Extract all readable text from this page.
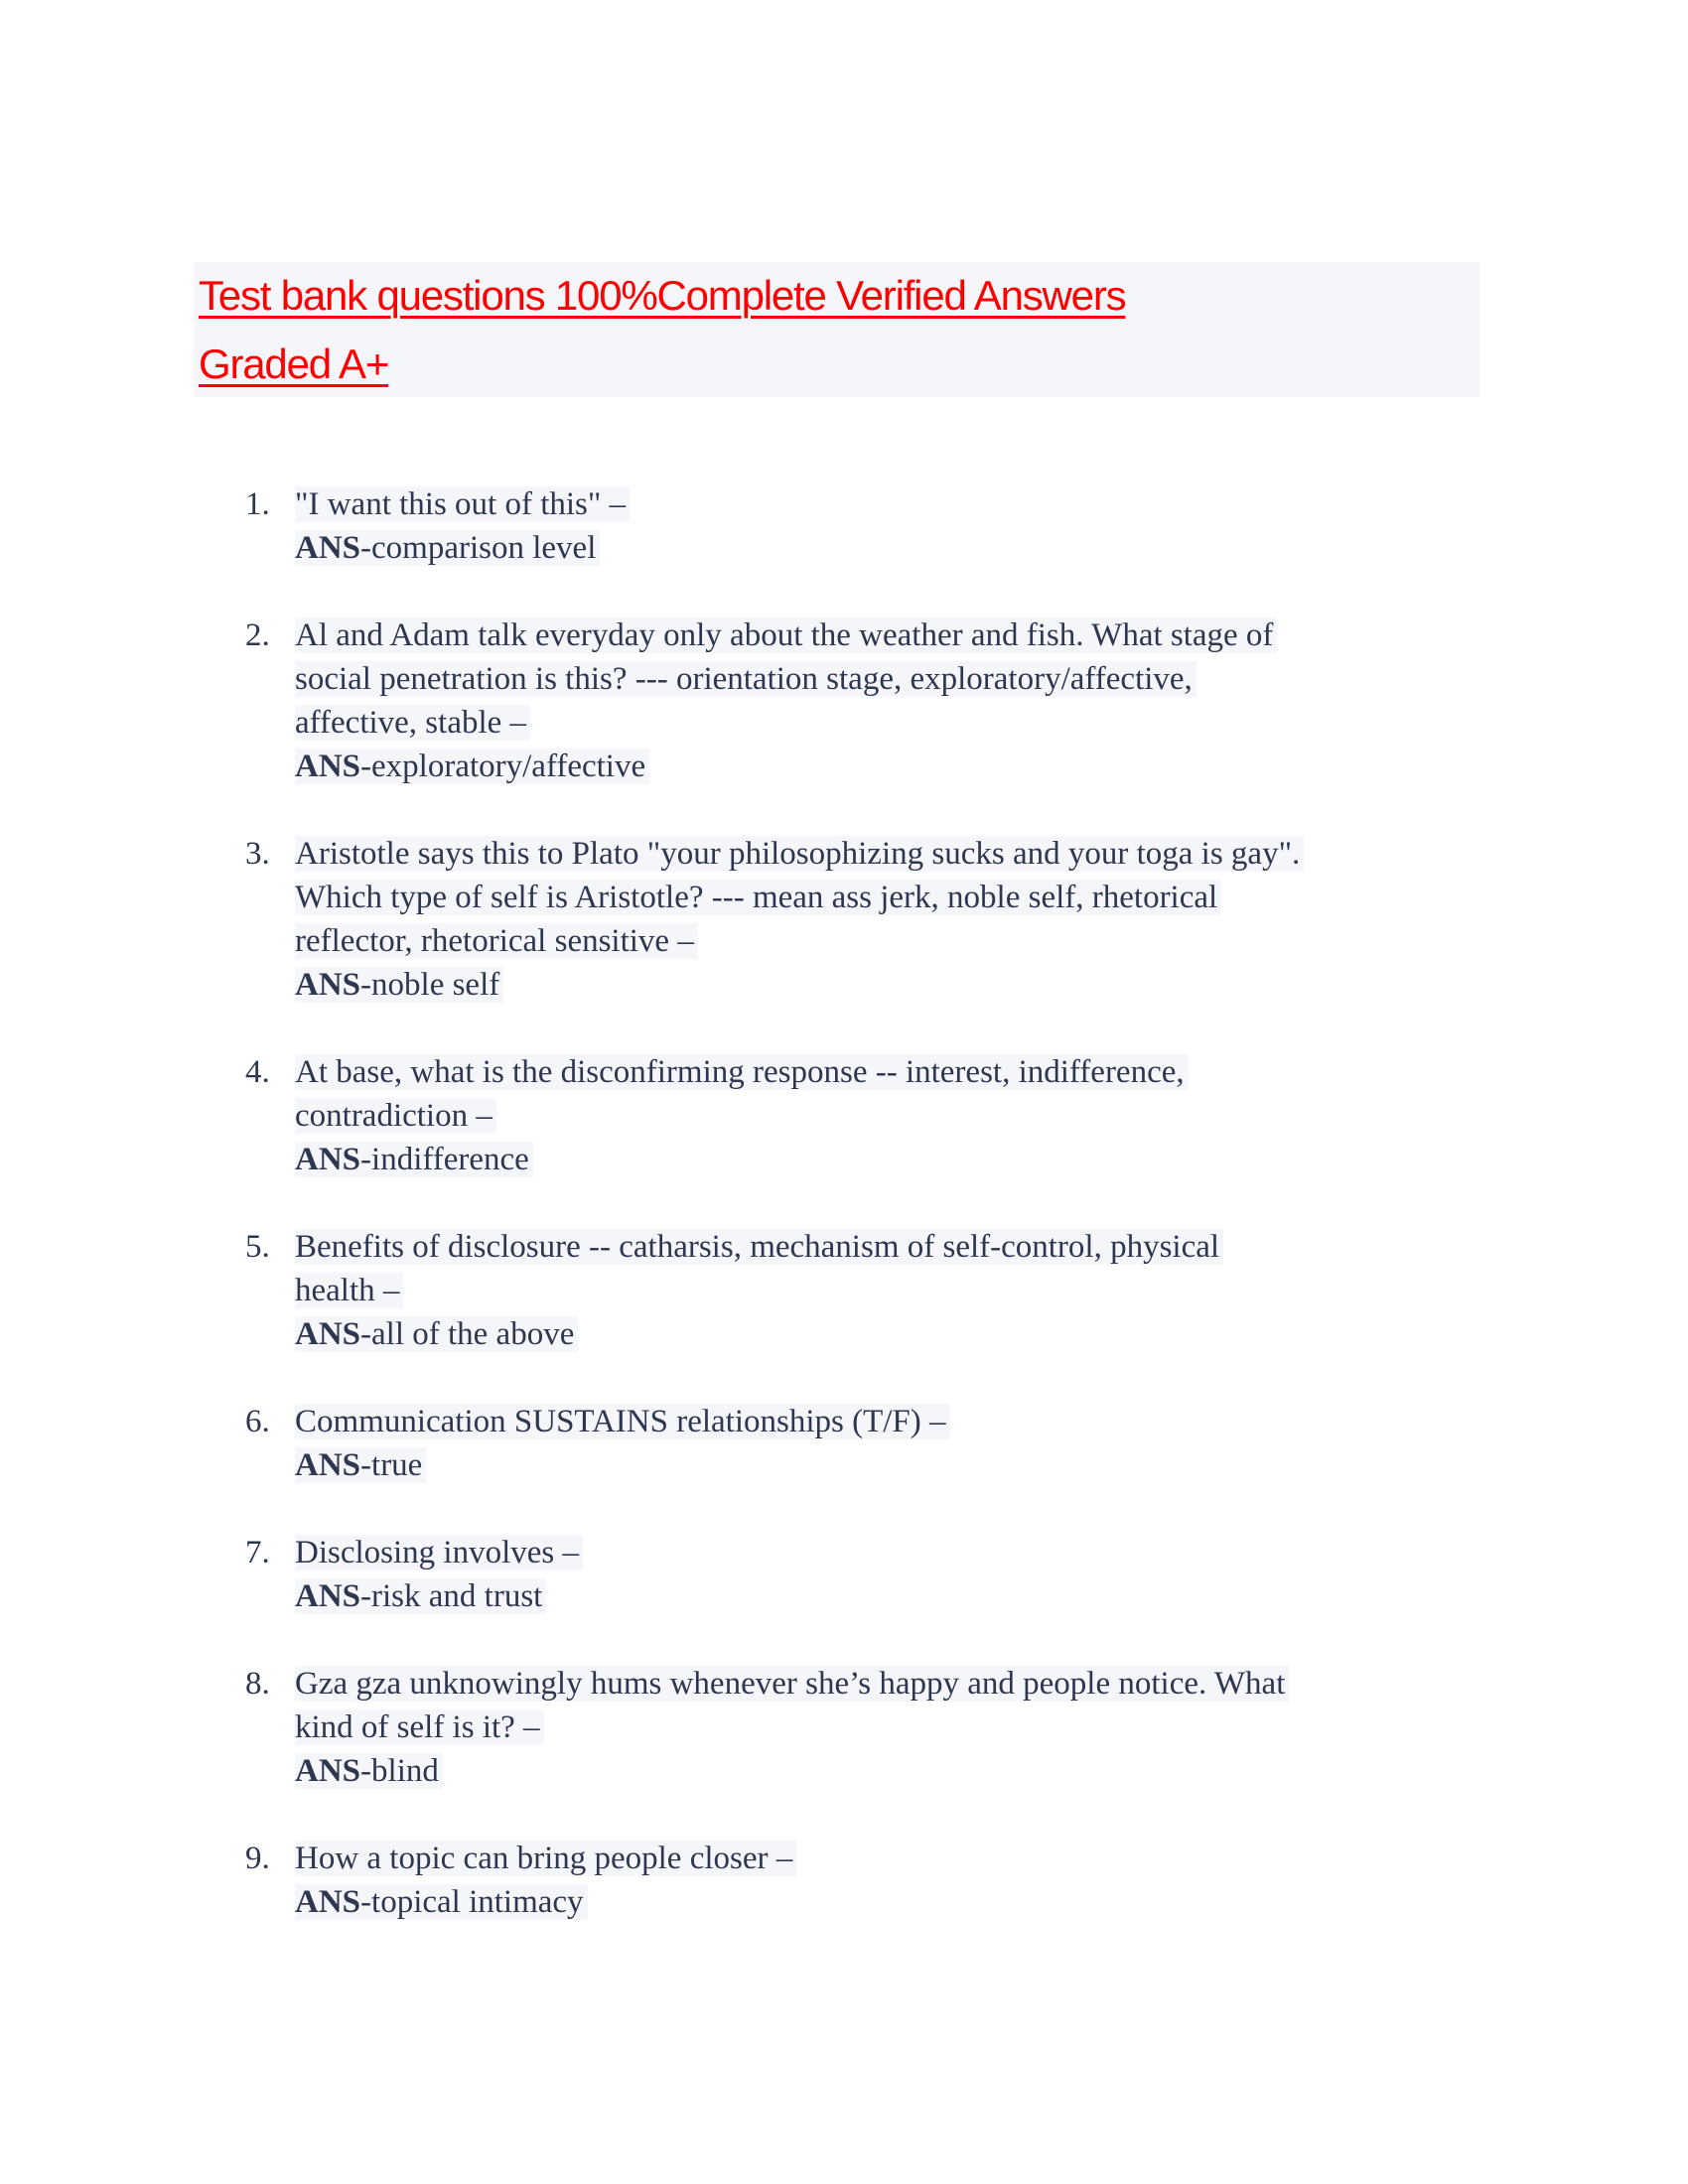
Test bank questions 100%Complete Verified Answers
Graded A+
1. "I want this out of this" –
ANS-comparison level
2. Al and Adam talk everyday only about the weather and fish. What stage of
social penetration is this? --- orientation stage, exploratory/affective,
affective, stable –
ANS-exploratory/affective
3. Aristotle says this to Plato "your philosophizing sucks and your toga is gay".
Which type of self is Aristotle? --- mean ass jerk, noble self, rhetorical
reflector, rhetorical sensitive –
ANS-noble self
4. At base, what is the disconfirming response -- interest, indifference,
contradiction –
ANS-indifference
5. Benefits of disclosure -- catharsis, mechanism of self-control, physical
health –
ANS-all of the above
6. Communication SUSTAINS relationships (T/F) –
ANS-true
7. Disclosing involves –
ANS-risk and trust
8. Gza gza unknowingly hums whenever she’s happy and people notice. What
kind of self is it? –
ANS-blind
9. How a topic can bring people closer –
ANS-topical intimacy
